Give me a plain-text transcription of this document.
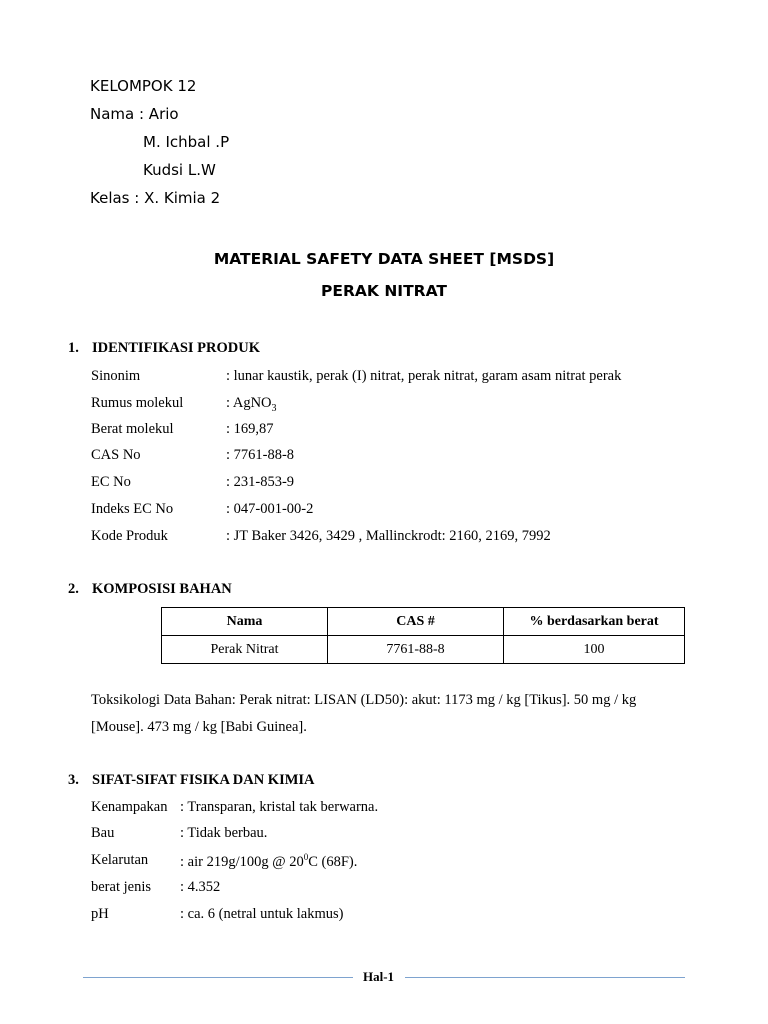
KELOMPOK 12
Nama : Ario
M. Ichbal .P
Kudsi L.W
Kelas : X. Kimia 2
MATERIAL SAFETY DATA SHEET [MSDS]
PERAK NITRAT
1. IDENTIFIKASI PRODUK
Sinonim	: lunar kaustik, perak (I) nitrat, perak nitrat, garam asam nitrat perak
Rumus molekul	: AgNO$_3$
Berat molekul	: 169,87
CAS No	: 7761-88-8
EC No	: 231-853-9
Indeks EC No	: 047-001-00-2
Kode Produk	: JT Baker 3426, 3429 , Mallinckrodt: 2160, 2169, 7992
2. KOMPOSISI BAHAN
Nama	CAS #	% berdasarkan berat
Perak Nitrat	7761-88-8	100
Toksikologi Data Bahan: Perak nitrat: LISAN (LD50): akut: 1173 mg / kg [Tikus]. 50 mg / kg
[Mouse]. 473 mg / kg [Babi Guinea].
3. SIFAT-SIFAT FISIKA DAN KIMIA
Kenampakan : Transparan, kristal tak berwarna.
Bau	: Tidak berbau.
Kelarutan : air 219g/100g @ $20^0C$ (68F).
berat jenis : 4.352
pH	: ca. 6 (netral untuk lakmus)
Hal-1
